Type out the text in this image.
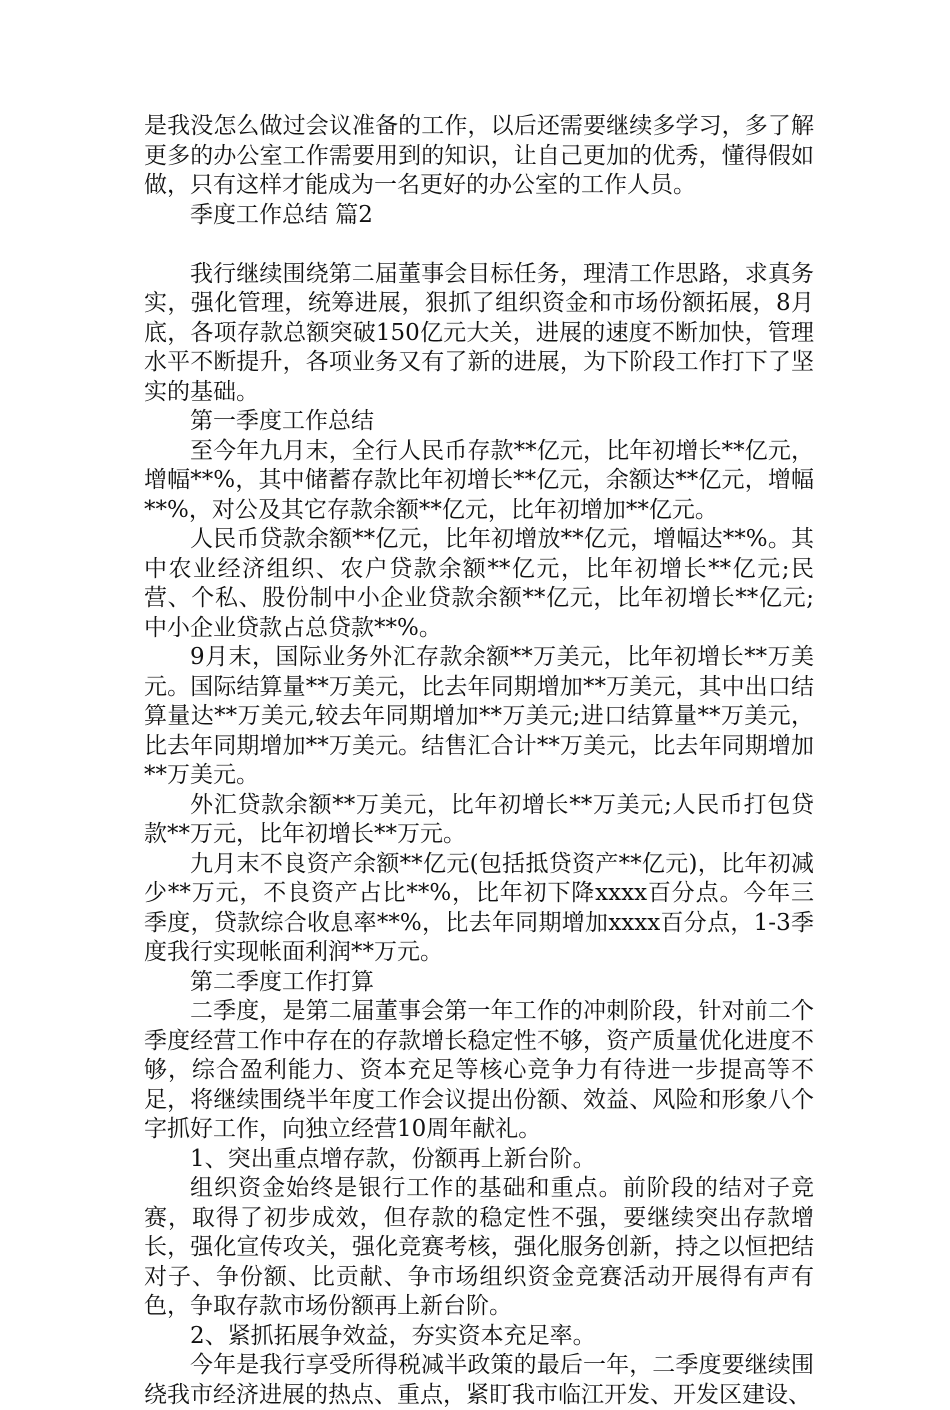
是我没怎么做过会议准备的工作，以后还需要继续多学习，多了解更多的办公室工作需要用到的知识，让自己更加的优秀，懂得假如做，只有这样才能成为一名更好的办公室的工作人员。

季度工作总结 篇2

我行继续围绕第二届董事会目标任务，理清工作思路，求真务实，强化管理，统筹进展，狠抓了组织资金和市场份额拓展，8月底，各项存款总额突破150亿元大关，进展的速度不断加快，管理水平不断提升，各项业务又有了新的进展，为下阶段工作打下了坚实的基础。

第一季度工作总结

至今年九月末，全行人民币存款**亿元，比年初增长**亿元，增幅**%，其中储蓄存款比年初增长**亿元，余额达**亿元，增幅**%，对公及其它存款余额**亿元，比年初增加**亿元。

人民币贷款余额**亿元，比年初增放**亿元，增幅达**%。其中农业经济组织、农户贷款余额**亿元，比年初增长**亿元;民营、个私、股份制中小企业贷款余额**亿元，比年初增长**亿元;中小企业贷款占总贷款**%。

9月末，国际业务外汇存款余额**万美元，比年初增长**万美元。国际结算量**万美元，比去年同期增加**万美元，其中出口结算量达**万美元,较去年同期增加**万美元;进口结算量**万美元，比去年同期增加**万美元。结售汇合计**万美元，比去年同期增加**万美元。

外汇贷款余额**万美元，比年初增长**万美元;人民币打包贷款**万元，比年初增长**万元。

九月末不良资产余额**亿元(包括抵贷资产**亿元)，比年初减少**万元，不良资产占比**%，比年初下降xxxx百分点。今年三季度，贷款综合收息率**%，比去年同期增加xxxx百分点，1-3季度我行实现帐面利润**万元。

第二季度工作打算

二季度，是第二届董事会第一年工作的冲刺阶段，针对前二个季度经营工作中存在的存款增长稳定性不够，资产质量优化进度不够，综合盈利能力、资本充足等核心竞争力有待进一步提高等不足，将继续围绕半年度工作会议提出份额、效益、风险和形象八个字抓好工作，向独立经营10周年献礼。

1、突出重点增存款，份额再上新台阶。

组织资金始终是银行工作的基础和重点。前阶段的结对子竞赛，取得了初步成效，但存款的稳定性不强，要继续突出存款增长，强化宣传攻关，强化竞赛考核，强化服务创新，持之以恒把结对子、争份额、比贡献、争市场组织资金竞赛活动开展得有声有色，争取存款市场份额再上新台阶。

2、紧抓拓展争效益，夯实资本充足率。

今年是我行享受所得税减半政策的最后一年，二季度要继续围绕我市经济进展的热点、重点，紧盯我市临江开发、开发区建设、
